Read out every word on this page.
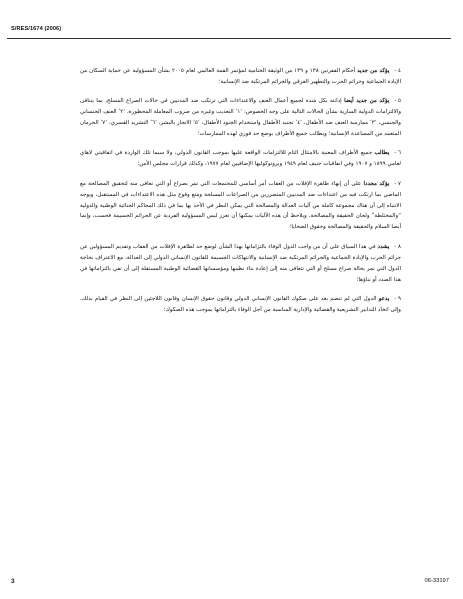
S/RES/1674 (2006)

٤ -يؤكد من جديد أحكام الفقرتين ١٣٨ و ١٣٩ من الوثيقة الختامية لمؤتمر القمة العالمي لعام ٢٠٠٥ بشأن المسؤولية عن حماية السكان من الإبادة الجماعية وجرائم الحرب والتطهير العرقي والجرائم المرتكبة ضد الإنسانية؛

٥ -يؤكد من جديد أيضا إدانته بكل شدة لجميع أعمال العنف والاعتداءات التي ترتكب ضد المدنيين في حالات الصراع المسلح، بما يتنافى والالتزامات الدولية السارية بشأن الحالات التالية على وجه الخصوص: ’١‘ التعذيب وغيره من ضروب المعاملة المحظورة، ’٢‘ العنف الجنساني والجنسي، ’٣‘ ممارسة العنف ضد الأطفال، ’٤‘ تجنيد الأطفال واستخدام الجنود الأطفال، ’٥‘ الاتجار بالبشر، ’٦‘ التشريد القسري، ’٧‘ الحرمان المتعمد من المساعدة الإنسانية؛ ويطالب جميع الأطراف بوضع حد فوري لهذه الممارسات؛

٦ -يطالب جميع الأطراف المعنية بالامتثال التام للالتزامات الواقعة عليها بموجب القانون الدولي، ولا سيما تلك الواردة في اتفاقيتي لاهاي لعامي ١٨٩٩ و ١٩٠٧ وفي اتفاقيات جنيف لعام ١٩٤٩ وبروتوكوليها الإضافيين لعام ١٩٧٧، وكذلك قرارات مجلس الأمن؛

٧ -يؤكد مجددا على أن إنهاء ظاهرة الإفلات من العقاب أمر أساسي للمجتمعات التي تمر بصراع أو التي تعافى منه لتحقيق المصالحة مع الماضي بما ارتكب فيه من اعتداءات ضد المدنيين المتضررين من الصراعات المسلحة ومنع وقوع مثل هذه الاعتداءات في المستقبل، ويوجه الانتباه إلى أن هناك مجموعة كاملة من آليات العدالة والمصالحة التي يمكن النظر في الأخذ بها بما في ذلك المحاكم الجنائية الوطنية والدولية ”والمختلطة“ ولجان الحقيقة والمصالحة، ويلاحظ أن هذه الآليات يمكنها أن تعزز ليس المسؤولية الفردية عن الجرائم الجسيمة فحسب، وإنما أيضا السلام والحقيقة والمصالحة وحقوق الضحايا؛

٨ -يشدد في هذا السياق على أن من واجب الدول الوفاء بالتزاماتها بهذا الشأن لوضع حد لظاهرة الإفلات من العقاب وتقديم المسؤولين عن جرائم الحرب والإبادة الجماعية والجرائم المرتكبة ضد الإنسانية والانتهاكات الجسيمة للقانون الإنساني الدولي إلى العدالة، مع الاعتراف بحاجة الدول التي تمر بحالة صراع مسلح أو التي تتعافى منه إلى إعادة بناء نظمها ومؤسساتها القضائية الوطنية المستقلة إلى أن تفي بالتزاماتها في هذا الصدد أو بناؤها؛

٩ -يدعو الدول التي لم تنضم بعد على صكوك القانون الإنساني الدولي وقانون حقوق الإنسان وقانون اللاجئين إلى النظر في القيام بذلك، وإلى اتخاذ التدابير التشريعية والقضائية والإدارية المناسبة من أجل الوفاء بالتزاماتها بموجب هذه الصكوك؛

3	06-33197
